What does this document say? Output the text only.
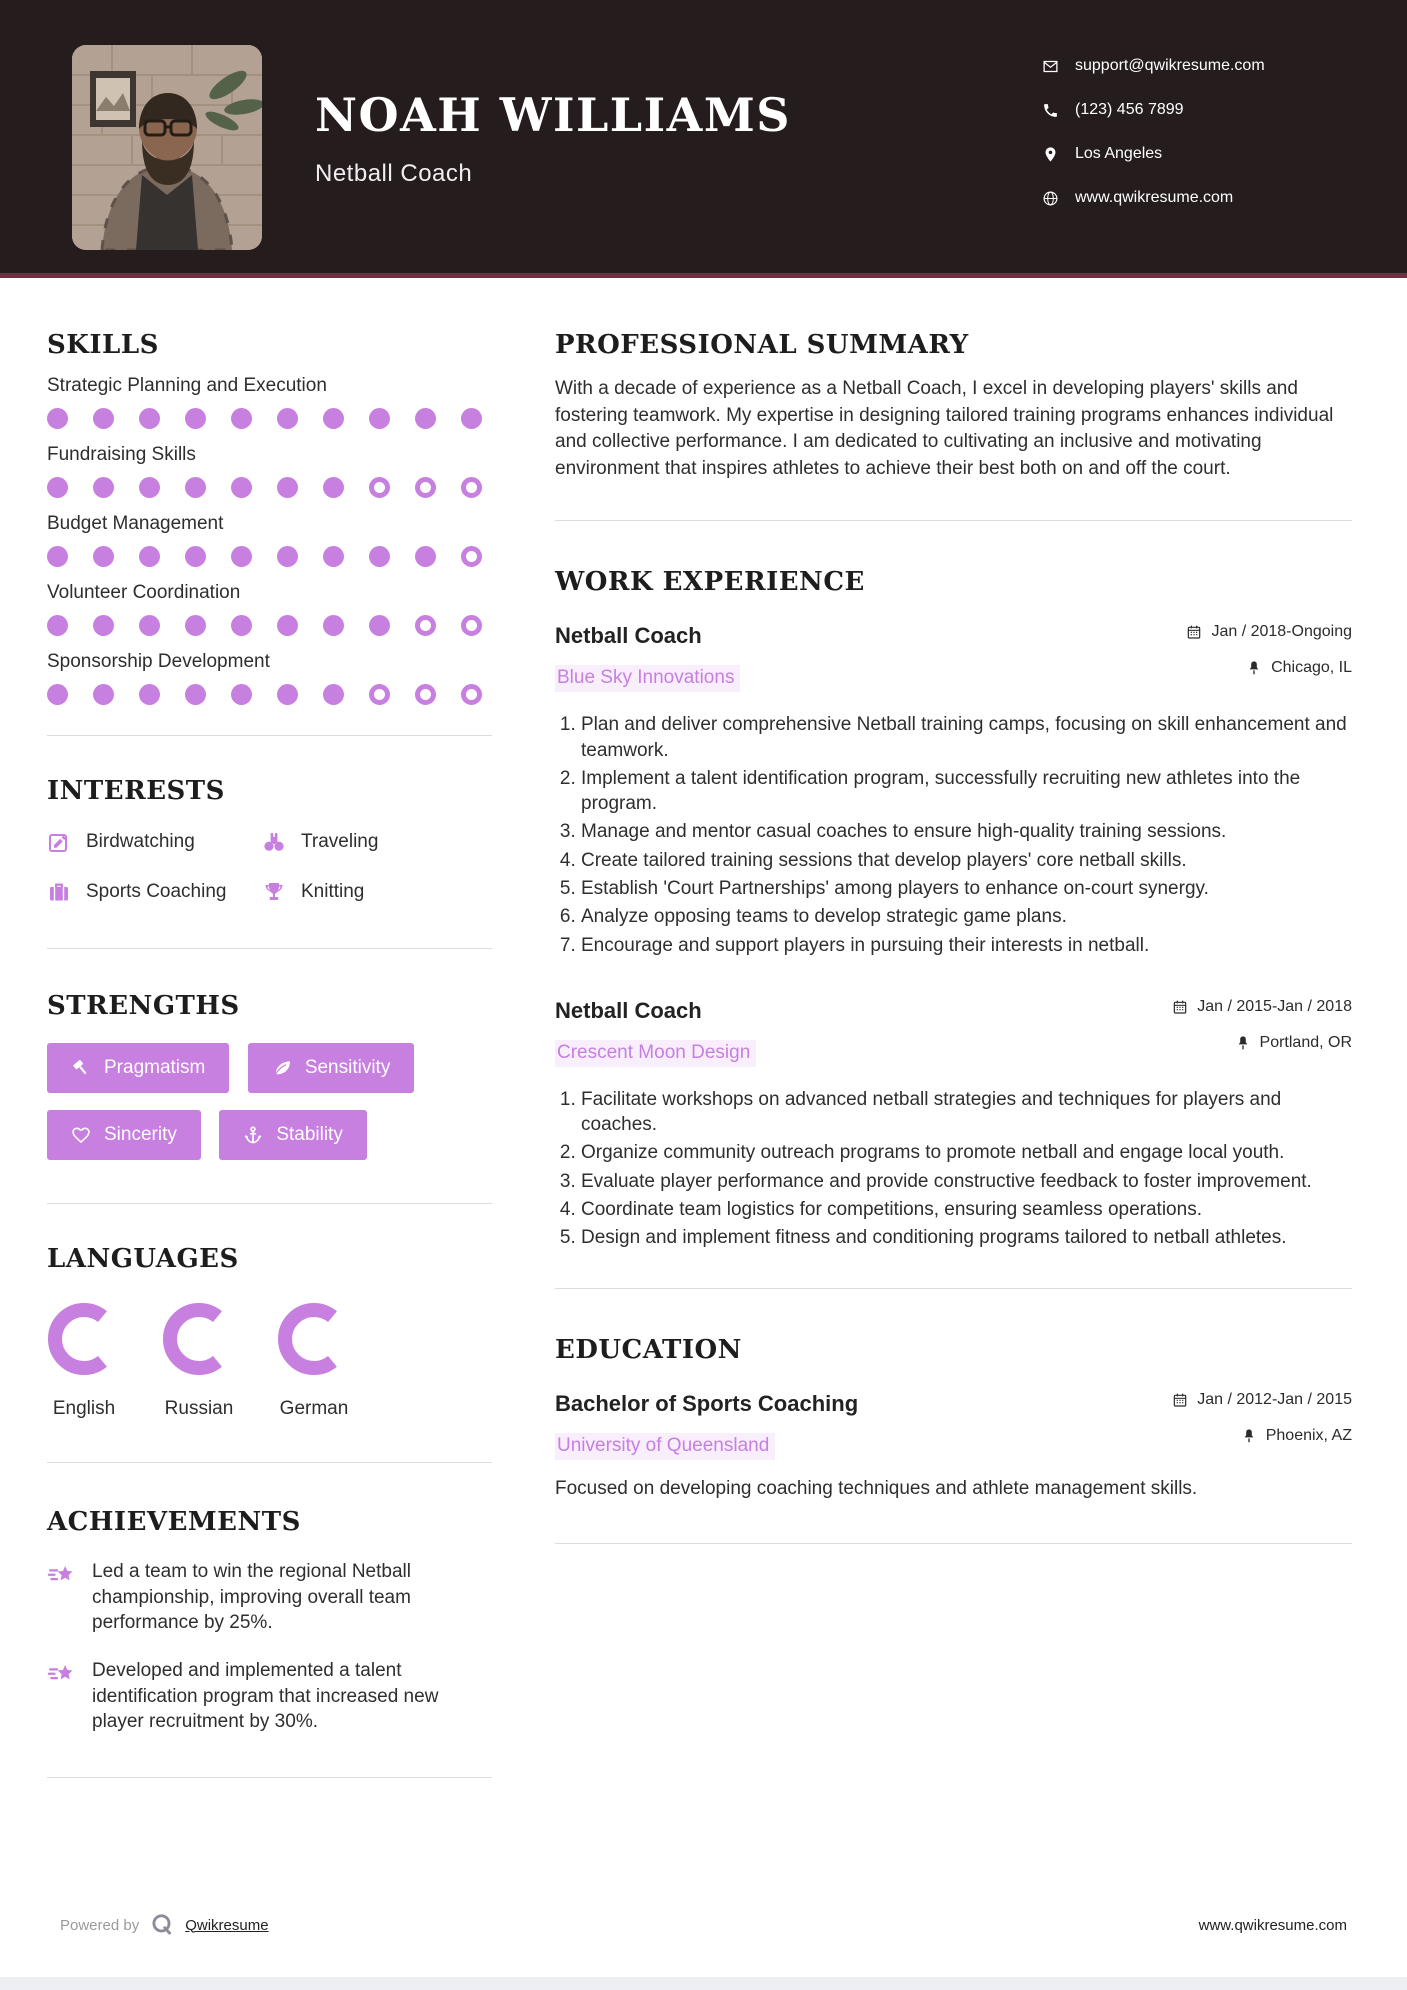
NOAH WILLIAMS
Netball Coach
support@qwikresume.com
(123) 456 7899
Los Angeles
www.qwikresume.com
SKILLS
Strategic Planning and Execution
Fundraising Skills
Budget Management
Volunteer Coordination
Sponsorship Development
INTERESTS
Birdwatching	Traveling
Sports Coaching	Knitting
STRENGTHS
Pragmatism
	Sensitivity

Sincerity
	Stability
LANGUAGES
English	Russian German
ACHIEVEMENTS
Led a team to win the regional Netball championship, improving overall team performance by 25%.
Developed and implemented a talent identification program that increased new player recruitment by 30%.
PROFESSIONAL SUMMARY

With a decade of experience as a Netball Coach, I excel in developing players' skills and fostering teamwork. My expertise in designing tailored training programs enhances individual and collective performance. I am dedicated to cultivating an inclusive and motivating environment that inspires athletes to achieve their best both on and off the court.

WORK EXPERIENCE
Netball Coach
Blue Sky Innovations
Jan / 2018-Ongoing
Chicago, IL
1. Plan and deliver comprehensive Netball training camps, focusing on skill enhancement and teamwork.
2. Implement a talent identification program, successfully recruiting new athletes into the program.
3. Manage and mentor casual coaches to ensure high-quality training sessions.
4. Create tailored training sessions that develop players' core netball skills.
5. Establish 'Court Partnerships' among players to enhance on-court synergy.
6. Analyze opposing teams to develop strategic game plans.
7. Encourage and support players in pursuing their interests in netball.
Netball Coach
Crescent Moon Design
Jan / 2015-Jan / 2018
Portland, OR
1. Facilitate workshops on advanced netball strategies and techniques for players and coaches.
2. Organize community outreach programs to promote netball and engage local youth.
3. Evaluate player performance and provide constructive feedback to foster improvement.
4. Coordinate team logistics for competitions, ensuring seamless operations.
5. Design and implement fitness and conditioning programs tailored to netball athletes.
EDUCATION
Bachelor of Sports Coaching
University of Queensland
Jan / 2012-Jan / 2015
Phoenix, AZ

Focused on developing coaching techniques and athlete management skills.

Powered by	Qwikresume	www.qwikresume.com
